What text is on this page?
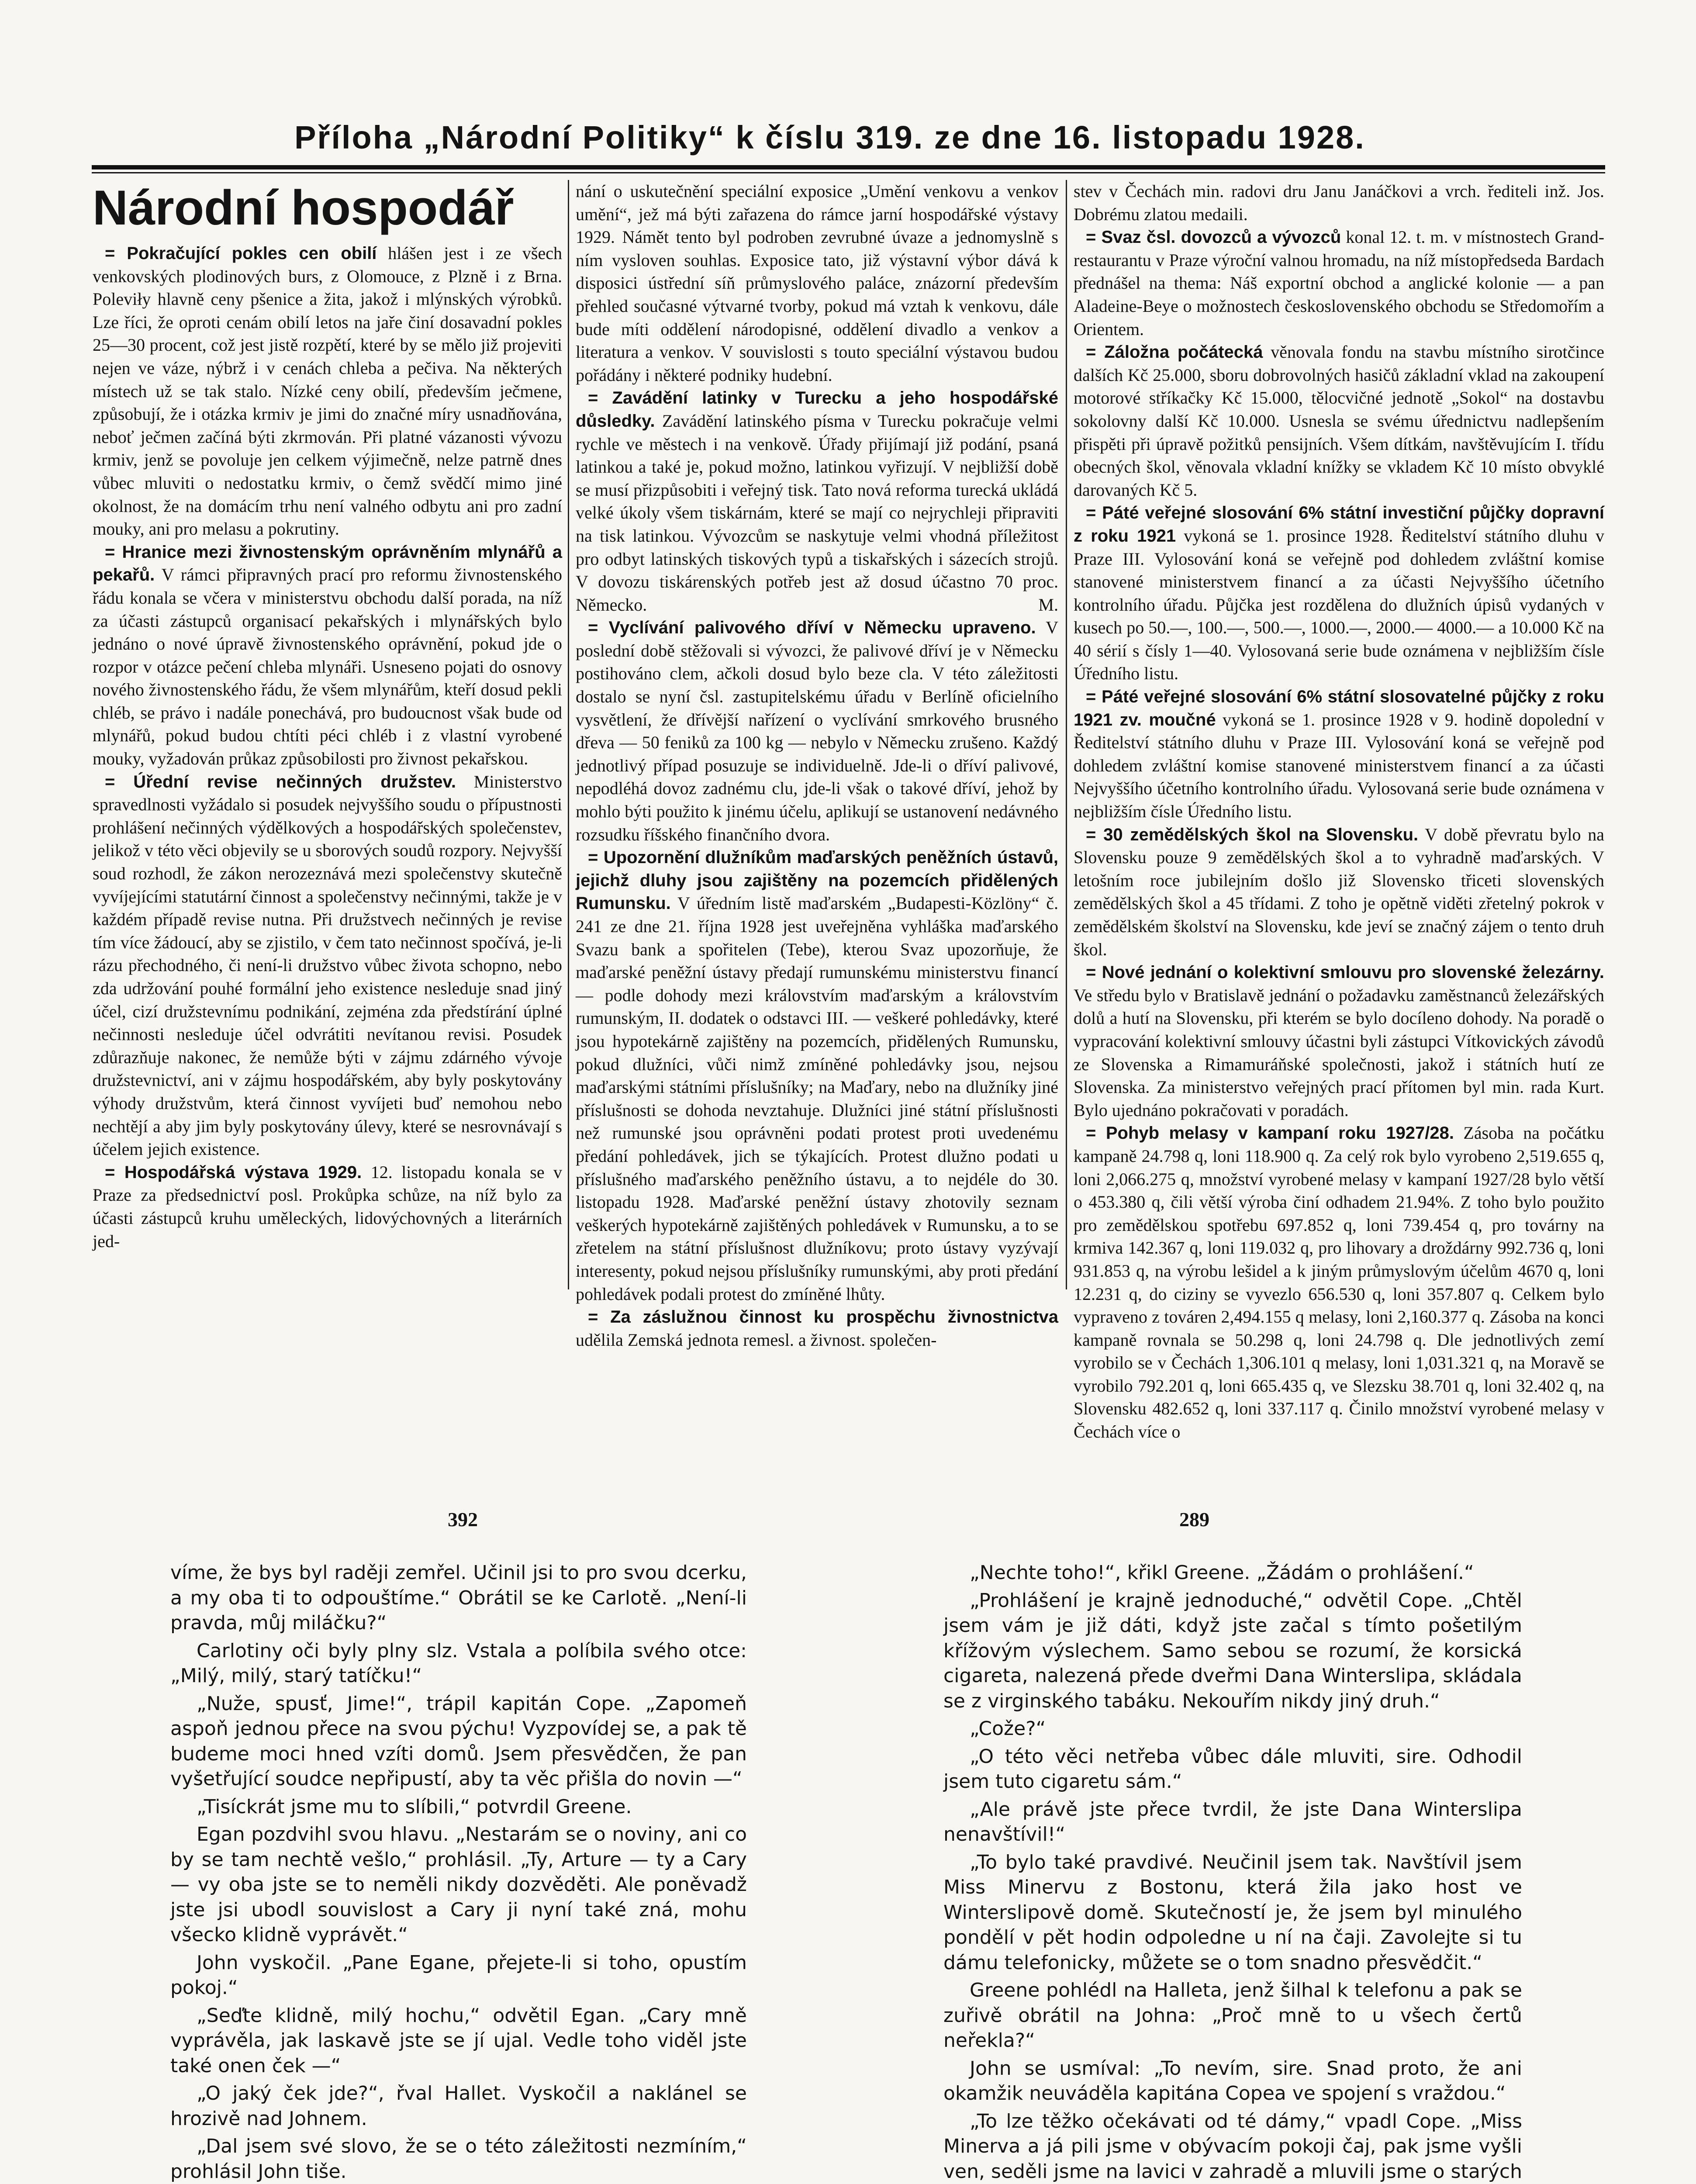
Příloha „Národní Politiky“ k číslu 319. ze dne 16. listopadu 1928.
Národní hospodář

= Pokračující pokles cen obilí hlášen jest i ze všech venkovských plodinových burs, z Olomouce, z Plzně i z Brna. Poleviły hlavně ceny pšenice a žita, jakož i mlýnských výrobků. Lze říci, že oproti cenám obilí letos na jaře činí dosavadní pokles 25—30 procent, což jest jistě rozpětí, které by se mělo již projeviti nejen ve váze, nýbrž i v cenách chleba a pečiva. Na některých místech už se tak stalo. Nízké ceny obilí, především ječmene, způsobují, že i otázka krmiv je jimi do značné míry usnadňována, neboť ječmen začíná býti zkrmován. Při platné vázanosti vývozu krmiv, jenž se povoluje jen celkem výjimečně, nelze patrně dnes vůbec mluviti o nedostatku krmiv, o čemž svědčí mimo jiné okolnost, že na domácím trhu není valného odbytu ani pro zadní mouky, ani pro melasu a pokrutiny.

= Hranice mezi živnostenským oprávněním mlynářů a pekařů. V rámci připravných prací pro reformu živnostenského řádu konala se včera v ministerstvu obchodu další porada, na níž za účasti zástupců organisací pekařských i mlynářských bylo jednáno o nové úpravě živnostenského oprávnění, pokud jde o rozpor v otázce pečení chleba mlynáři. Usneseno pojati do osnovy nového živnostenského řádu, že všem mlynářům, kteří dosud pekli chléb, se právo i nadále ponechává, pro budoucnost však bude od mlynářů, pokud budou chtíti péci chléb i z vlastní vyrobené mouky, vyžadován průkaz způsobilosti pro živnost pekařskou.

= Úřední revise nečinných družstev. Ministerstvo spravedlnosti vyžádalo si posudek nejvyššího soudu o přípustnosti prohlášení nečinných výdělkových a hospodářských společenstev, jelikož v této věci objevily se u sborových soudů rozpory. Nejvyšší soud rozhodl, že zákon nerozeznává mezi společenstvy skutečně vyvíjejícími statutární činnost a společenstvy nečinnými, takže je v každém případě revise nutna. Při družstvech nečinných je revise tím více žádoucí, aby se zjistilo, v čem tato nečinnost spočívá, je-li rázu přechodného, či není-li družstvo vůbec života schopno, nebo zda udržování pouhé formální jeho existence nesleduje snad jiný účel, cizí družstevnímu podnikání, zejména zda předstírání úplné nečinnosti nesleduje účel odvrátiti nevítanou revisi. Posudek zdůrazňuje nakonec, že nemůže býti v zájmu zdárného vývoje družstevnictví, ani v zájmu hospodářském, aby byly poskytovány výhody družstvům, která činnost vyvíjeti buď nemohou nebo nechtějí a aby jim byly poskytovány úlevy, které se nesrovnávají s účelem jejich existence.

= Hospodářská výstava 1929. 12. listopadu konala se v Praze za předsednictví posl. Prokůpka schůze, na níž bylo za účasti zástupců kruhu uměleckých, lidovýchovných a literárních jed-

nání o uskutečnění speciální exposice „Umění venkovu a venkov umění“, jež má býti zařazena do rámce jarní hospodářské výstavy 1929. Námět tento byl podroben zevrubné úvaze a jednomyslně s ním vysloven souhlas. Exposice tato, již výstavní výbor dává k disposici ústřední síň průmyslového paláce, znázorní především přehled současné výtvarné tvorby, pokud má vztah k venkovu, dále bude míti oddělení národopisné, oddělení divadlo a venkov a literatura a venkov. V souvislosti s touto speciální výstavou budou pořádány i některé podniky hudební.

= Zavádění latinky v Turecku a jeho hospodářské důsledky. Zavádění latinského písma v Turecku pokračuje velmi rychle ve městech i na venkově. Úřady přijímají již podání, psaná latinkou a také je, pokud možno, latinkou vyřizují. V nejbližší době se musí přizpůsobiti i veřejný tisk. Tato nová reforma turecká ukládá velké úkoly všem tiskárnám, které se mají co nejrychleji připraviti na tisk latinkou. Vývozcům se naskytuje velmi vhodná příležitost pro odbyt latinských tiskových typů a tiskařských i sázecích strojů. V dovozu tiskárenských potřeb jest až dosud účastno 70 proc. Německo.	M.

= Vyclívání palivového dříví v Německu upraveno. V poslední době stěžovali si vývozci, že palivové dříví je v Německu postihováno clem, ačkoli dosud bylo beze cla. V této záležitosti dostalo se nyní čsl. zastupitelskému úřadu v Berlíně oficielního vysvětlení, že dřívější nařízení o vyclívání smrkového brusného dřeva — 50 feniků za 100 kg — nebylo v Německu zrušeno. Každý jednotlivý případ posuzuje se individuelně. Jde-li o dříví palivové, nepodléhá dovoz zadnému clu, jde-li však o takové dříví, jehož by mohlo býti použito k jinému účelu, aplikují se ustanovení nedávného rozsudku říšského finančního dvora.

= Upozornění dlužníkům maďarských peněžních ústavů, jejichž dluhy jsou zajištěny na pozemcích přidělených Rumunsku. V úředním listě maďarském „Budapesti-Közlöny“ č. 241 ze dne 21. října 1928 jest uveřejněna vyhláška maďarského Svazu bank a spořitelen (Tebe), kterou Svaz upozorňuje, že maďarské peněžní ústavy předají rumunskému ministerstvu financí — podle dohody mezi královstvím maďarským a královstvím rumunským, II. dodatek o odstavci III. — veškeré pohledávky, které jsou hypotekárně zajištěny na pozemcích, přidělených Rumunsku, pokud dlužníci, vůči nimž zmíněné pohledávky jsou, nejsou maďarskými státními příslušníky; na Maďary, nebo na dlužníky jiné příslušnosti se dohoda nevztahuje. Dlužníci jiné státní příslušnosti než rumunské jsou oprávněni podati protest proti uvedenému předání pohledávek, jich se týkajících. Protest dlužno podati u příslušného maďarského peněžního ústavu, a to nejdéle do 30. listopadu 1928. Maďarské peněžní ústavy zhotovily seznam veškerých hypotekárně zajištěných pohledávek v Rumunsku, a to se zřetelem na státní příslušnost dlužníkovu; proto ústavy vyzývají interesenty, pokud nejsou příslušníky rumunskými, aby proti předání pohledávek podali protest do zmíněné lhůty.

= Za záslužnou činnost ku prospěchu živnostnictva udělila Zemská jednota remesl. a živnost. společen-

stev v Čechách min. radovi dru Janu Janáčkovi a vrch. řediteli inž. Jos. Dobrému zlatou medaili.

= Svaz čsl. dovozců a vývozců konal 12. t. m. v místnostech Grand-restaurantu v Praze výroční valnou hromadu, na níž místopředseda Bardach přednášel na thema: Náš exportní obchod a anglické kolonie — a pan Aladeine-Beye o možnostech československého obchodu se Středomořím a Orientem.

= Záložna počátecká věnovala fondu na stavbu místního sirotčince dalších Kč 25.000, sboru dobrovolných hasičů základní vklad na zakoupení motorové stříkačky Kč 15.000, tělocvičné jednotě „Sokol“ na dostavbu sokolovny další Kč 10.000. Usnesla se svému úřednictvu nadlepšením přispěti při úpravě požitků pensijních. Všem dítkám, navštěvujícím I. třídu obecných škol, věnovala vkladní knížky se vkladem Kč 10 místo obvyklé darovaných Kč 5.

= Páté veřejné slosování 6% státní investiční půjčky dopravní z roku 1921 vykoná se 1. prosince 1928. Ředitelství státního dluhu v Praze III. Vylosování koná se veřejně pod dohledem zvláštní komise stanovené ministerstvem financí a za účasti Nejvyššího účetního kontrolního úřadu. Půjčka jest rozdělena do dlužních úpisů vydaných v kusech po 50.—, 100.—, 500.—, 1000.—, 2000.— 4000.— a 10.000 Kč na 40 sérií s čísly 1—40. Vylosovaná serie bude oznámena v nejbližším čísle Úředního listu.

= Páté veřejné slosování 6% státní slosovatelné půjčky z roku 1921 zv. moučné vykoná se 1. prosince 1928 v 9. hodině dopolední v Ředitelství státního dluhu v Praze III. Vylosování koná se veřejně pod dohledem zvláštní komise stanovené ministerstvem financí a za účasti Nejvyššího účetního kontrolního úřadu. Vylosovaná serie bude oznámena v nejbližším čísle Úředního listu.

= 30 zemědělských škol na Slovensku. V době převratu bylo na Slovensku pouze 9 zemědělských škol a to vyhradně maďarských. V letošním roce jubilejním došlo již Slovensko třiceti slovenských zemědělských škol a 45 třídami. Z toho je opětně viděti zřetelný pokrok v zemědělském školství na Slovensku, kde jeví se značný zájem o tento druh škol.

= Nové jednání o kolektivní smlouvu pro slovenské železárny. Ve středu bylo v Bratislavě jednání o požadavku zaměstnanců železářských dolů a hutí na Slovensku, při kterém se bylo docíleno dohody. Na poradě o vypracování kolektivní smlouvy účastni byli zástupci Vítkovických závodů ze Slovenska a Rimamuráňské společnosti, jakož i státních hutí ze Slovenska. Za ministerstvo veřejných prací přítomen byl min. rada Kurt. Bylo ujednáno pokračovati v poradách.

= Pohyb melasy v kampaní roku 1927/28. Zásoba na počátku kampaně 24.798 q, loni 118.900 q. Za celý rok bylo vyrobeno 2,519.655 q, loni 2,066.275 q, množství vyrobené melasy v kampaní 1927/28 bylo větší o 453.380 q, čili větší výroba činí odhadem 21.94%. Z toho bylo použito pro zemědělskou spotřebu 697.852 q, loni 739.454 q, pro továrny na krmiva 142.367 q, loni 119.032 q, pro lihovary a droždárny 992.736 q, loni 931.853 q, na výrobu lešidel a k jiným průmyslovým účelům 4670 q, loni 12.231 q, do ciziny se vyvezlo 656.530 q, loni 357.807 q. Celkem bylo vypraveno z továren 2,494.155 q melasy, loni 2,160.377 q. Zásoba na konci kampaně rovnala se 50.298 q, loni 24.798 q. Dle jednotlivých zemí vyrobilo se v Čechách 1,306.101 q melasy, loni 1,031.321 q, na Moravě se vyrobilo 792.201 q, loni 665.435 q, ve Slezsku 38.701 q, loni 32.402 q, na Slovensku 482.652 q, loni 337.117 q. Činilo množství vyrobené melasy v Čechách více o

392	289

víme, že bys byl raději zemřel. Učinil jsi to pro svou dcerku, a my oba ti to odpouštíme.“ Obrátil se ke Carlotě. „Není-li pravda, můj miláčku?“

Carlotiny oči byly plny slz. Vstala a políbila svého otce: „Milý, milý, starý tatíčku!“

„Nuže, spusť, Jime!“, trápil kapitán Cope. „Zapomeň aspoň jednou přece na svou pýchu! Vyzpovídej se, a pak tě budeme moci hned vzíti domů. Jsem přesvědčen, že pan vyšetřující soudce nepřipustí, aby ta věc přišla do novin —“

„Tisíckrát jsme mu to slíbili,“ potvrdil Greene.

Egan pozdvihl svou hlavu. „Nestarám se o noviny, ani co by se tam nechtě vešlo,“ prohlásil. „Ty, Arture — ty a Cary — vy oba jste se to neměli nikdy dozvěděti. Ale poněvadž jste jsi ubodl souvislost a Cary ji nyní také zná, mohu všecko klidně vyprávět.“

John vyskočil. „Pane Egane, přejete-li si toho, opustím pokoj.“

„Seďte klidně, milý hochu,“ odvětil Egan. „Cary mně vyprávěla, jak laskavě jste se jí ujal. Vedle toho viděl jste také onen ček —“

„O jaký ček jde?“, řval Hallet. Vyskočil a naklánel se hrozivě nad Johnem.

„Dal jsem své slovo, že se o této záležitosti nezmíním,“ prohlásil John tiše.

„Nechte toho!“, křikl Greene. „Žádám o prohlášení.“

„Prohlášení je krajně jednoduché,“ odvětil Cope. „Chtěl jsem vám je již dáti, když jste začal s tímto pošetilým křížovým výslechem. Samo sebou se rozumí, že korsická cigareta, nalezená přede dveřmi Dana Winterslipa, skládala se z virginského tabáku. Nekouřím nikdy jiný druh.“

„Cože?“

„O této věci netřeba vůbec dále mluviti, sire. Odhodil jsem tuto cigaretu sám.“

„Ale právě jste přece tvrdil, že jste Dana Winterslipa nenavštívil!“

„To bylo také pravdivé. Neučinil jsem tak. Navštívil jsem Miss Minervu z Bostonu, která žila jako host ve Winterslipově domě. Skutečností je, že jsem byl minulého pondělí v pět hodin odpoledne u ní na čaji. Zavolejte si tu dámu telefonicky, můžete se o tom snadno přesvědčit.“

Greene pohlédl na Halleta, jenž šilhal k telefonu a pak se zuřivě obrátil na Johna: „Proč mně to u všech čertů neřekla?“

John se usmíval: „To nevím, sire. Snad proto, že ani okamžik neuváděla kapitána Copea ve spojení s vraždou.“

„To lze těžko očekávati od té dámy,“ vpadl Cope. „Miss Minerva a já pili jsme v obývacím pokoji čaj, pak jsme vyšli ven, seděli jsme na lavici v zahradě a mluvili jsme o starých
